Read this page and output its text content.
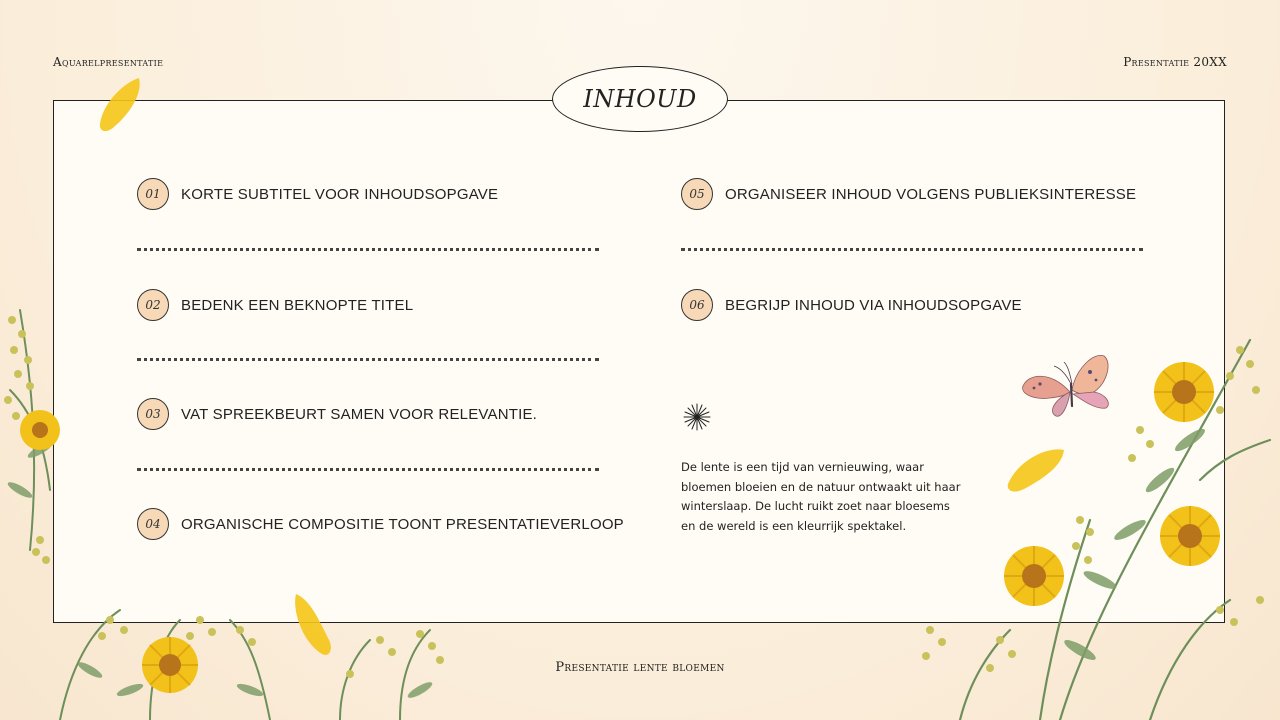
Aquarelpresentatie	Presentatie 20XX
INHOUD
01	KORTE SUBTITEL VOOR INHOUDSOPGAVE
02	BEDENK EEN BEKNOPTE TITEL
03	VAT SPREEKBEURT SAMEN VOOR RELEVANTIE.
04	ORGANISCHE COMPOSITIE TOONT PRESENTATIEVERLOOP
05	ORGANISEER INHOUD VOLGENS PUBLIEKSINTERESSE
06	BEGRIJP INHOUD VIA INHOUDSOPGAVE
De lente is een tijd van vernieuwing, waar bloemen bloeien en de natuur ontwaakt uit haar winterslaap. De lucht ruikt zoet naar bloesems en de wereld is een kleurrijk spektakel.
Presentatie lente bloemen
